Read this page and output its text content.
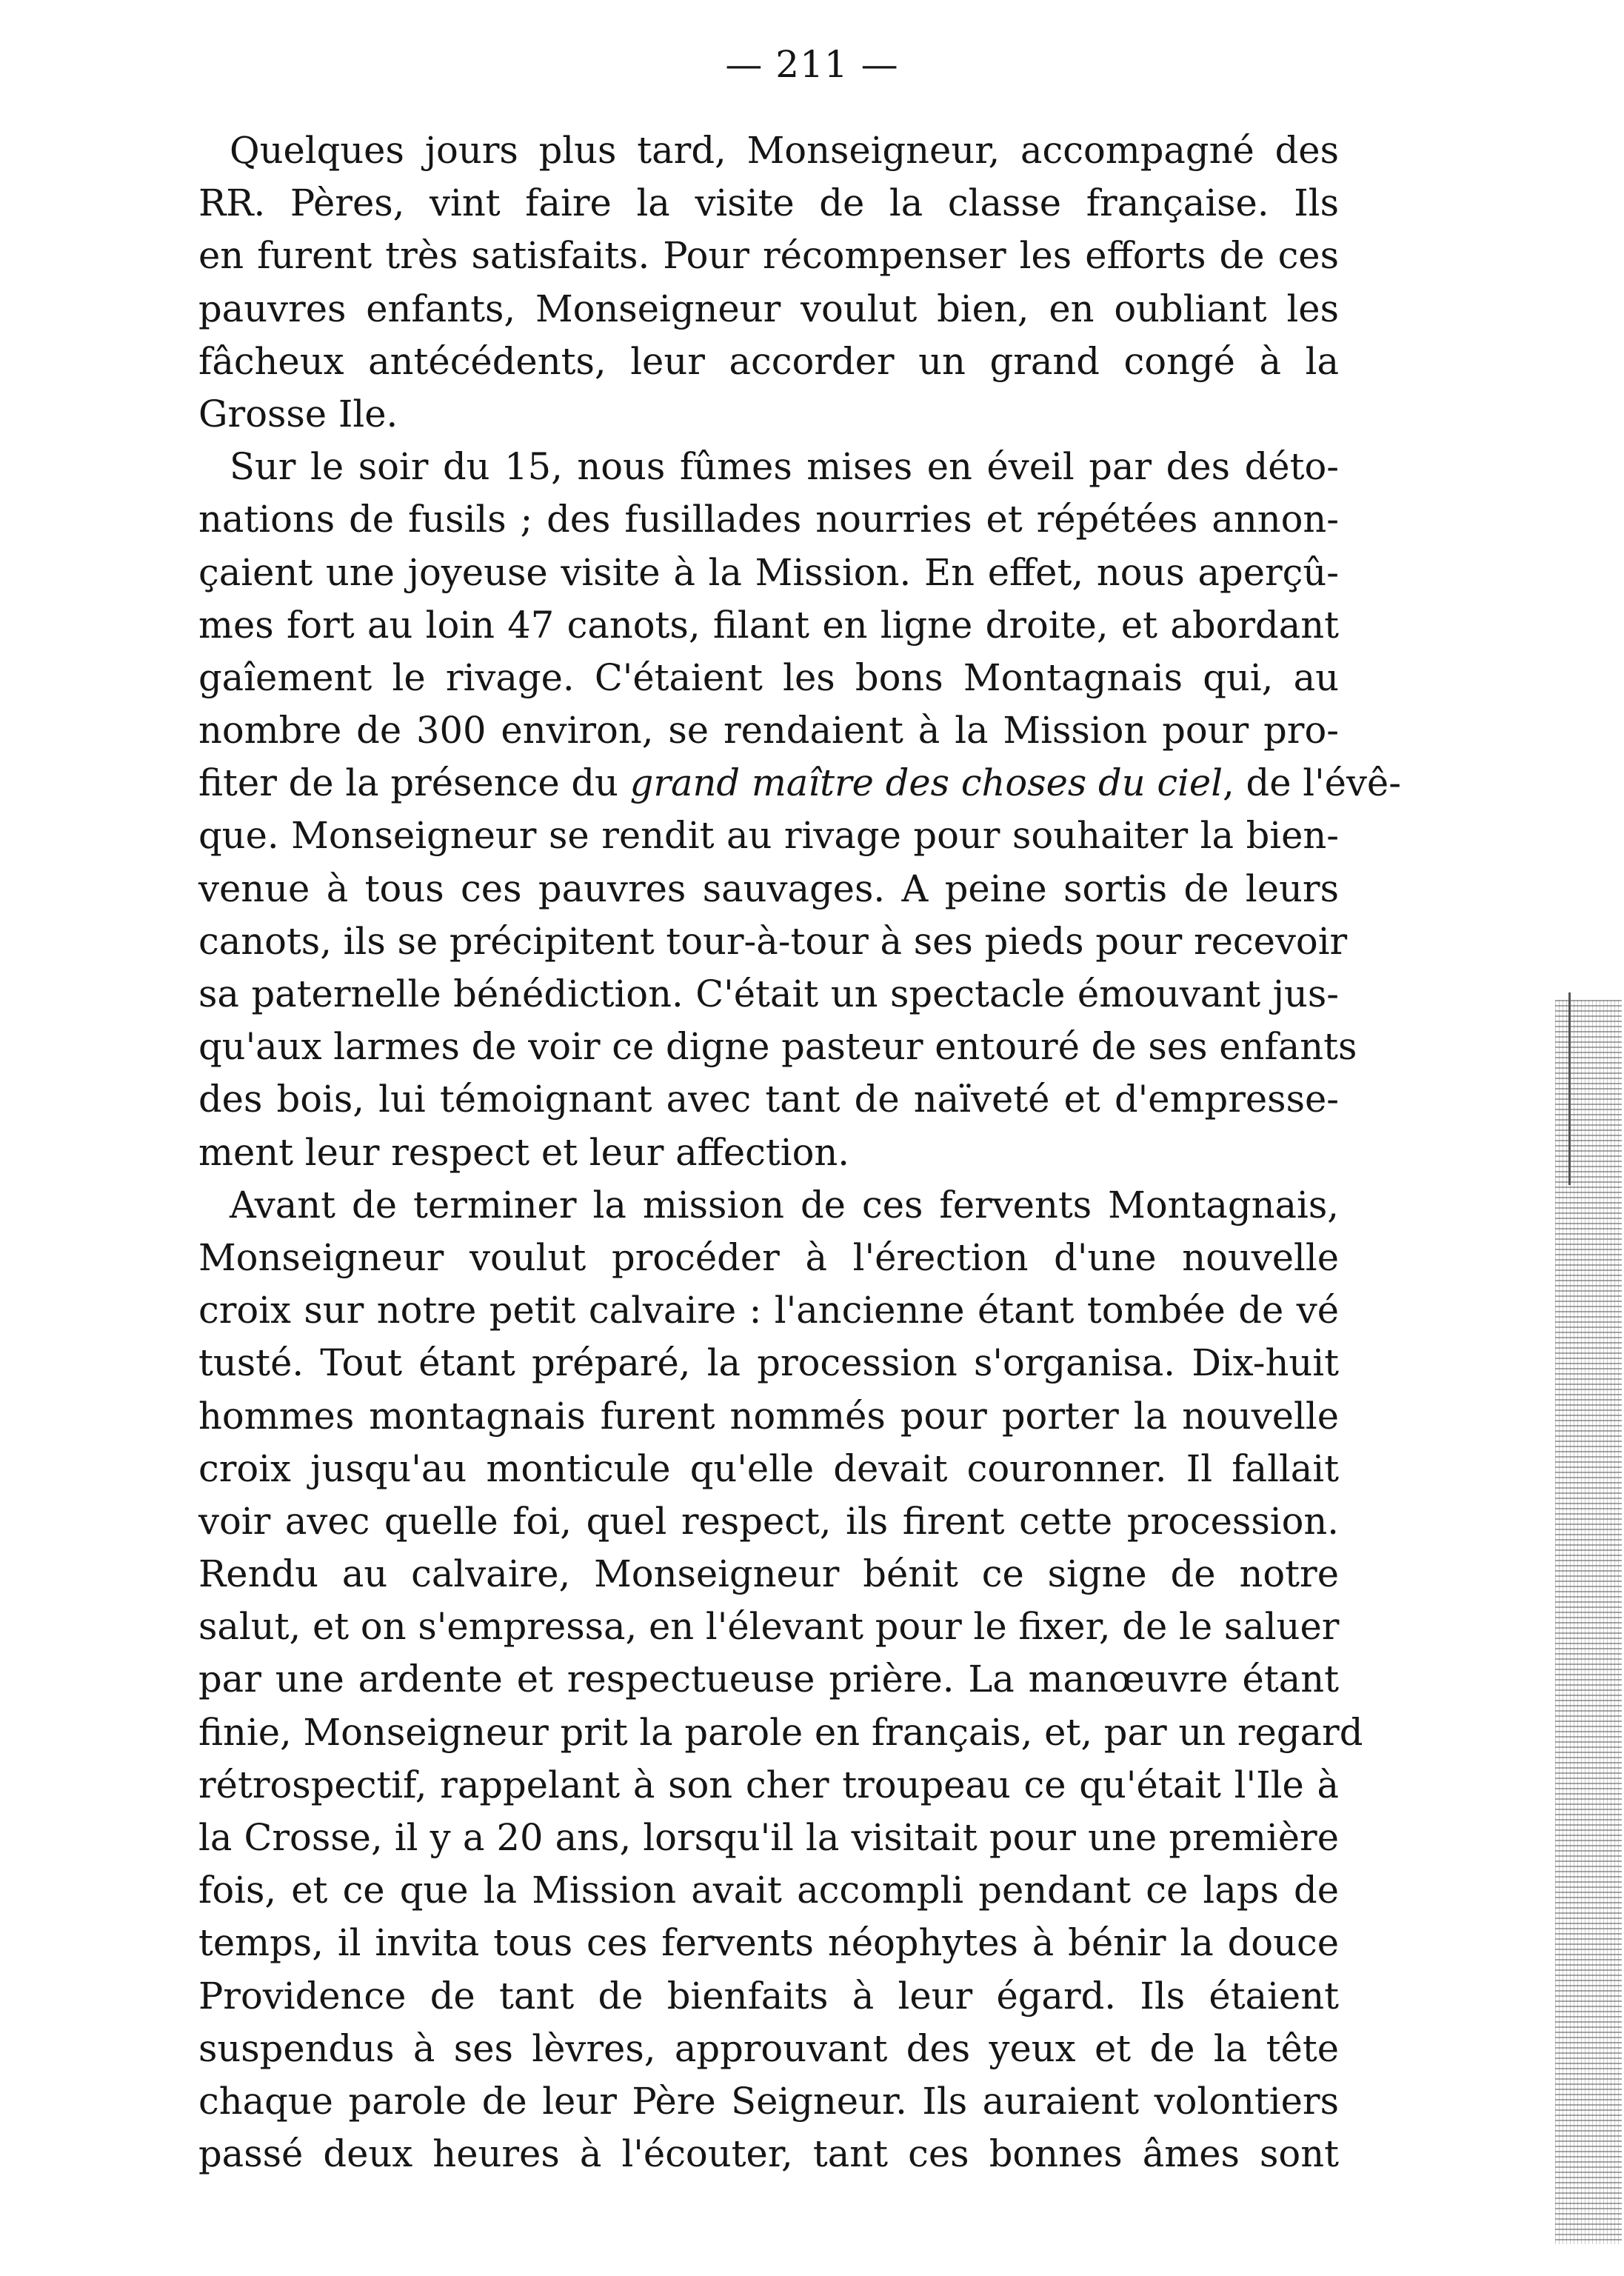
— 211 —
Quelques jours plus tard, Monseigneur, accompagné des
RR. Pères, vint faire la visite de la classe française. Ils
en furent très satisfaits. Pour récompenser les efforts de ces
pauvres enfants, Monseigneur voulut bien, en oubliant les
fâcheux antécédents, leur accorder un grand congé à la
Grosse Ile.
Sur le soir du 15, nous fûmes mises en éveil par des déto-
nations de fusils ; des fusillades nourries et répétées annon-
çaient une joyeuse visite à la Mission. En effet, nous aperçû-
mes fort au loin 47 canots, filant en ligne droite, et abordant
gaîement le rivage. C'étaient les bons Montagnais qui, au
nombre de 300 environ, se rendaient à la Mission pour pro-
fiter de la présence du grand maître des choses du ciel, de l'évê-
que. Monseigneur se rendit au rivage pour souhaiter la bien-
venue à tous ces pauvres sauvages. A peine sortis de leurs
canots, ils se précipitent tour-à-tour à ses pieds pour recevoir
sa paternelle bénédiction. C'était un spectacle émouvant jus-
qu'aux larmes de voir ce digne pasteur entouré de ses enfants
des bois, lui témoignant avec tant de naïveté et d'empresse-
ment leur respect et leur affection.
Avant de terminer la mission de ces fervents Montagnais,
Monseigneur voulut procéder à l'érection d'une nouvelle
croix sur notre petit calvaire : l'ancienne étant tombée de vé
tusté. Tout étant préparé, la procession s'organisa. Dix-huit
hommes montagnais furent nommés pour porter la nouvelle
croix jusqu'au monticule qu'elle devait couronner. Il fallait
voir avec quelle foi, quel respect, ils firent cette procession.
Rendu au calvaire, Monseigneur bénit ce signe de notre
salut, et on s'empressa, en l'élevant pour le fixer, de le saluer
par une ardente et respectueuse prière. La manœuvre étant
finie, Monseigneur prit la parole en français, et, par un regard
rétrospectif, rappelant à son cher troupeau ce qu'était l'Ile à
la Crosse, il y a 20 ans, lorsqu'il la visitait pour une première
fois, et ce que la Mission avait accompli pendant ce laps de
temps, il invita tous ces fervents néophytes à bénir la douce
Providence de tant de bienfaits à leur égard. Ils étaient
suspendus à ses lèvres, approuvant des yeux et de la tête
chaque parole de leur Père Seigneur. Ils auraient volontiers
passé deux heures à l'écouter, tant ces bonnes âmes sont
